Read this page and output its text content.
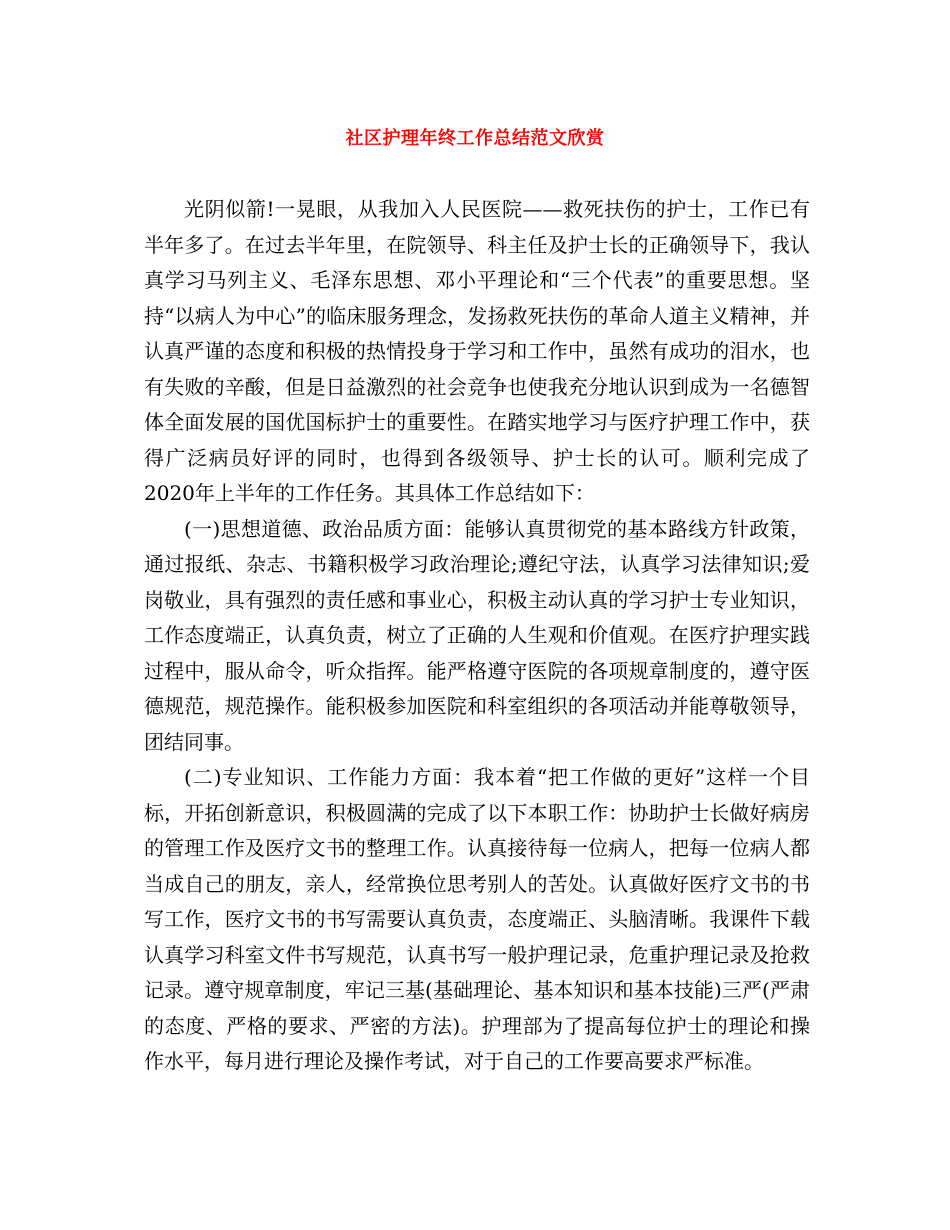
社区护理年终工作总结范文欣赏

光阴似箭!一晃眼，从我加入人民医院——救死扶伤的护士，工作已有半年多了。在过去半年里，在院领导、科主任及护士长的正确领导下，我认真学习马列主义、毛泽东思想、邓小平理论和“三个代表”的重要思想。坚持“以病人为中心”的临床服务理念，发扬救死扶伤的革命人道主义精神，并认真严谨的态度和积极的热情投身于学习和工作中，虽然有成功的泪水，也有失败的辛酸，但是日益激烈的社会竞争也使我充分地认识到成为一名德智体全面发展的国优国标护士的重要性。在踏实地学习与医疗护理工作中，获得广泛病员好评的同时，也得到各级领导、护士长的认可。顺利完成了2020年上半年的工作任务。其具体工作总结如下：

(一)思想道德、政治品质方面：能够认真贯彻党的基本路线方针政策，通过报纸、杂志、书籍积极学习政治理论;遵纪守法，认真学习法律知识;爱岗敬业，具有强烈的责任感和事业心，积极主动认真的学习护士专业知识，工作态度端正，认真负责，树立了正确的人生观和价值观。在医疗护理实践过程中，服从命令，听众指挥。能严格遵守医院的各项规章制度的，遵守医德规范，规范操作。能积极参加医院和科室组织的各项活动并能尊敬领导，团结同事。

(二)专业知识、工作能力方面：我本着“把工作做的更好”这样一个目标，开拓创新意识，积极圆满的完成了以下本职工作：协助护士长做好病房的管理工作及医疗文书的整理工作。认真接待每一位病人，把每一位病人都当成自己的朋友，亲人，经常换位思考别人的苦处。认真做好医疗文书的书写工作，医疗文书的书写需要认真负责，态度端正、头脑清晰。我课件下载认真学习科室文件书写规范，认真书写一般护理记录，危重护理记录及抢救记录。遵守规章制度，牢记三基(基础理论、基本知识和基本技能)三严(严肃的态度、严格的要求、严密的方法)。护理部为了提高每位护士的理论和操作水平，每月进行理论及操作考试，对于自己的工作要高要求严标准。
